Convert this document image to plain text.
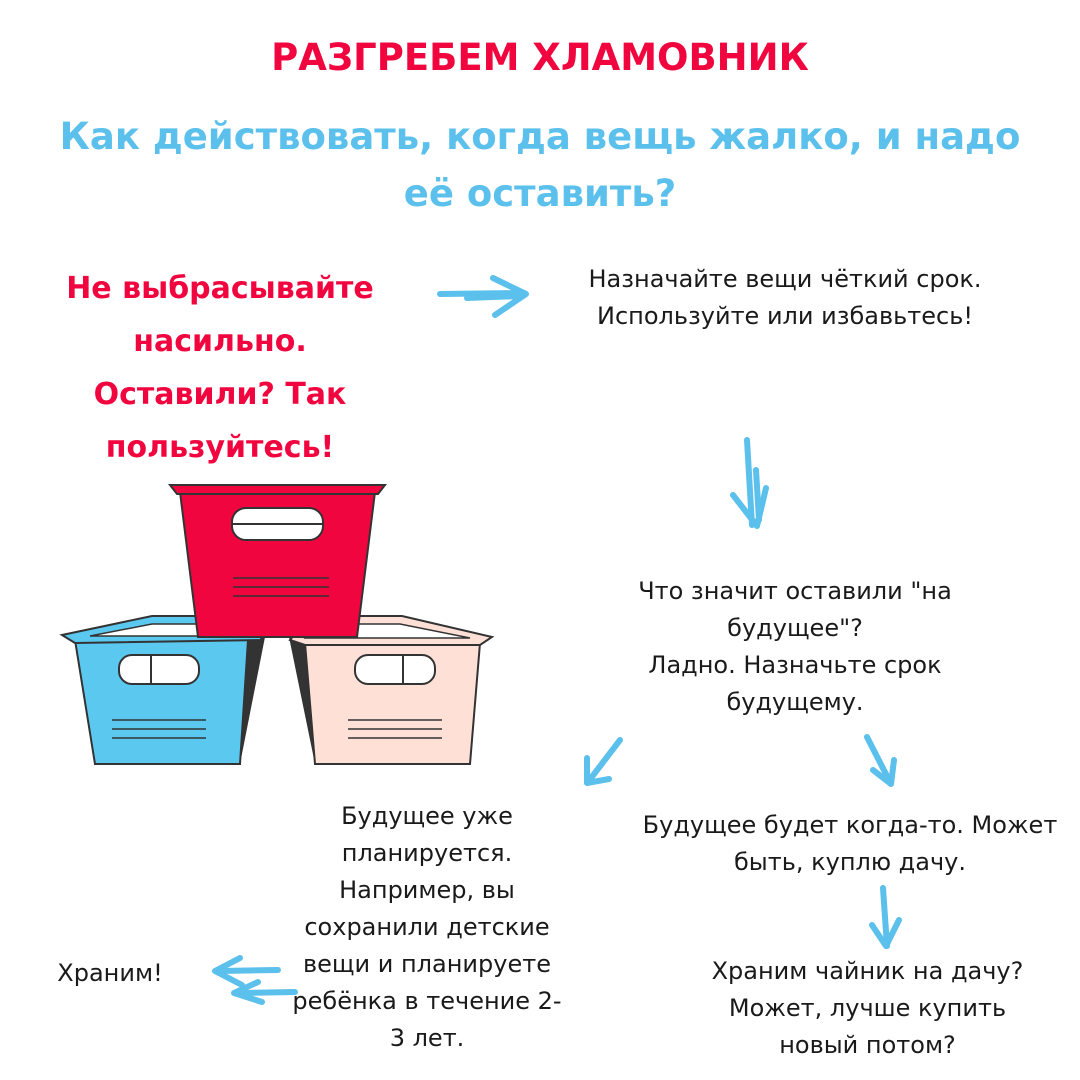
РАЗГРЕБЕМ ХЛАМОВНИК
Как действовать, когда вещь жалко, и надо её оставить?
Не выбрасывайте
насильно.
Оставили? Так
пользуйтесь!
Назначайте вещи чёткий срок.
Используйте или избавьтесь!
Что значит оставили "на
будущее"?
Ладно. Назначьте срок
будущему.
Будущее уже
планируется.
Например, вы
сохранили детские
вещи и планируете
ребёнка в течение 2-
3 лет.
Храним!
Будущее будет когда-то. Может
быть, куплю дачу.
Храним чайник на дачу?
Может, лучше купить
новый потом?
